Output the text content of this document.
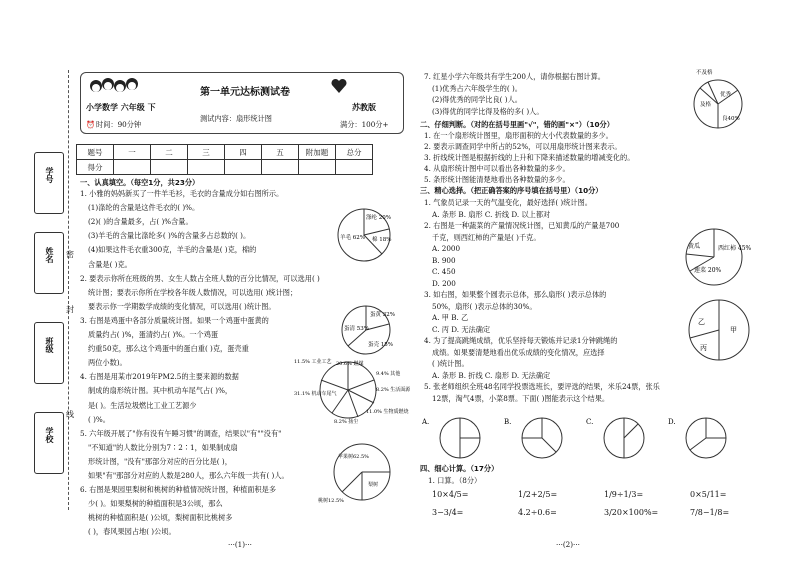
学号
姓名
班级
学校
线
封
密
小学数学 六年级 下
第一单元达标测试卷
苏教版
⏰ 时间：90分钟
测试内容：扇形统计图
满分：100分+
题号	一	二	三	四	五	附加题	总分
得分							
一、认真填空。（每空1分，共23分）
1. 小雅的妈妈新买了一件羊毛衫，毛衣的含量成分如右图所示。
(1)涤纶的含量是这件毛衣的( )%。
(2)( )的含量最多，占( )%含量。
(3)羊毛的含量比涤纶多( )%的含量多占总数的( )。
(4)如果这件毛衣重300克，羊毛的含量是( )克，棉的
含量是( )克。
2. 要表示你所在班级的男、女生人数占全班人数的百分比情况，可以选用( )
统计图；要表示你所在学校各年级人数情况，可以选用( )统计图；
要表示你一学期数学成绩的变化情况，可以选用( )统计图。
3. 右图是鸡蛋中各部分质量统计图。如果一个鸡蛋中蛋黄的
质量约占( )%，蛋清约占( )%。一个鸡蛋
约重50克，那么这个鸡蛋中的蛋白重( )克，蛋壳重
两位小数)。
4. 右图是用某市2019年PM2.5的主要来源的数据
制成的扇形统计图。其中机动车尾气占( )%，
是( )。生活垃圾燃比工业工艺源少
( )%。
5. 六年级开展了"你有没有午睡习惯"的调查，结果以"有""没有"
"不知道"的人数比分别为7∶2∶1，如果制成扇
形统计图，"没有"那部分对应的百分比是( )，
如果"有"那部分对应的人数是280人，那么六年级一共有( )人。
6. 右图是果园里梨树和桃树的种植情况统计图，种植面积是多
少( )。如果梨树的种植面积是3公顷，那么
桃树的种植面积是( )公顷，梨树面积比桃树多
( )，春风果园占地( )公顷。
涤纶 20%
棉 18%
羊毛 62%
蛋黄 32%
蛋清 53%
蛋壳 15%
20.6% 燃煤
11.5% 工业工艺
31.1% 机动车尾气
8.2% 生活面源
8.2% 扬尘
9.4% 其他
11.0% 生物质燃烧
苹果树62.5%
梨树
桃树12.5%
···(1)···
7. 红星小学六年级共有学生200人，请你根据右图计算。
(1)优秀占六年级学生的( )。
(2)得优秀的同学比良( )人。
(3)得优的同学比得及格的多( )人。
不及格
及格
良40%
优秀
二、仔细判断。（对的在括号里画"√"，错的画"×"）（10分）
1. 在一个扇形统计图里，扇形面积的大小代表数量的多少。
2. 要表示调查同学中所占的52%，可以用扇形统计图来表示。
3. 折线统计图是根据折线的上升和下降来描述数量的增减变化的。
4. 从扇形统计图中可以看出各种数量的多少。
5. 条形统计图能清楚地看出各种数量的多少。
三、精心选择。（把正确答案的序号填在括号里）（10分）
1. 气象员记录一天的气温变化，最好选择( )统计图。
A. 条形 B. 扇形 C. 折线 D. 以上都对
2. 右图是一种蔬菜的产量情况统计图，已知黄瓜的产量是700
千克，则西红柿的产量是( )千克。
A. 2000
B. 900
C. 450
D. 200
3. 如右图，如果整个圆表示总体，那么扇形( )表示总体的
50%，扇形( )表示总体的30%。
A. 甲 B. 乙
C. 丙 D. 无法确定
4. 为了提高跳绳成绩，优乐坚持每天锻炼并记录1分钟跳绳的
成绩。如果要清楚地看出优乐成绩的变化情况，应选择
( )统计图。
A. 条形 B. 折线 C. 扇形 D. 无法确定
5. 张老师组织全班48名同学投票选班长，要评选的结果，米乐24票，张乐
12票，淘气4票，小菜8票。下面( )图能表示这个结果。
黄瓜	西红柿 45%
莲菜 20%
乙
甲
丙
A.	B.	C.	D.
四、细心计算。（17分）
1. 口算。（8分）
10×4/5=	1/2+2/5=	1/9÷1/3=	0×5/11=
3−3/4=	4.2÷0.6=	3/20×100%=	7/8−1/8=
···(2)···
